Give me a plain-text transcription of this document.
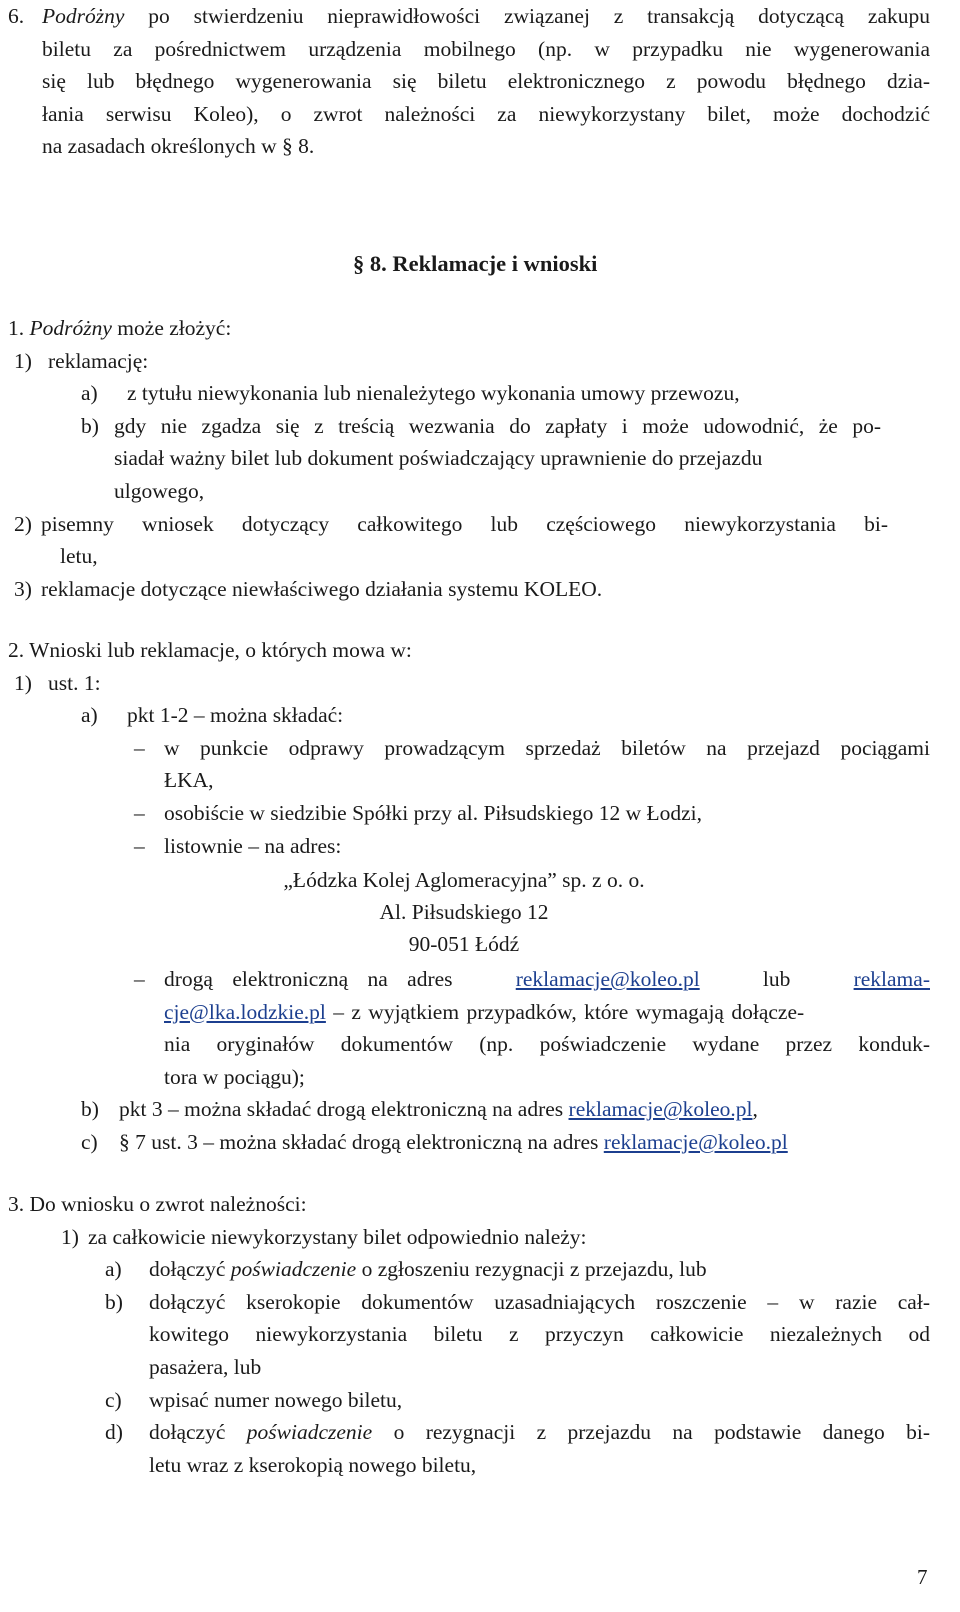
6. Podróżny po stwierdzeniu nieprawidłowości związanej z transakcją dotyczącą zakupu
biletu za pośrednictwem urządzenia mobilnego (np. w przypadku nie wygenerowania
się lub błędnego wygenerowania się biletu elektronicznego z powodu błędnego dzia-
łania serwisu Koleo), o zwrot należności za niewykorzystany bilet, może dochodzić
na zasadach określonych w § 8.
§ 8. Reklamacje i wnioski
1. Podróżny może złożyć:
1) reklamację:
a) z tytułu niewykonania lub nienależytego wykonania umowy przewozu,
b) gdy nie zgadza się z treścią wezwania do zapłaty i może udowodnić, że po-
siadał ważny bilet lub dokument poświadczający uprawnienie do przejazdu
ulgowego,
2) pisemny wniosek dotyczący całkowitego lub częściowego niewykorzystania bi-
letu,
3) reklamacje dotyczące niewłaściwego działania systemu KOLEO.
2. Wnioski lub reklamacje, o których mowa w:
1) ust. 1:
a) pkt 1-2 – można składać:
– w punkcie odprawy prowadzącym sprzedaż biletów na przejazd pociągami
ŁKA,
– osobiście w siedzibie Spółki przy al. Piłsudskiego 12 w Łodzi,
– listownie – na adres:
„Łódzka Kolej Aglomeracyjna” sp. z o. o.
Al. Piłsudskiego 12
90-051 Łódź
– drogą elektroniczną na adres	reklamacje@koleo.pl	lub	reklama-
cje@lka.lodzkie.pl – z wyjątkiem przypadków, które wymagają dołącze-
nia oryginałów dokumentów (np. poświadczenie wydane przez konduk-
tora w pociągu);
b) pkt 3 – można składać drogą elektroniczną na adres reklamacje@koleo.pl,
c) § 7 ust. 3 – można składać drogą elektroniczną na adres reklamacje@koleo.pl
3. Do wniosku o zwrot należności:
1) za całkowicie niewykorzystany bilet odpowiednio należy:
a) dołączyć poświadczenie o zgłoszeniu rezygnacji z przejazdu, lub
b) dołączyć kserokopie dokumentów uzasadniających roszczenie – w razie cał-
kowitego niewykorzystania biletu z przyczyn całkowicie niezależnych od
pasażera, lub
c) wpisać numer nowego biletu,
d) dołączyć poświadczenie o rezygnacji z przejazdu na podstawie danego bi-
letu wraz z kserokopią nowego biletu,
7
